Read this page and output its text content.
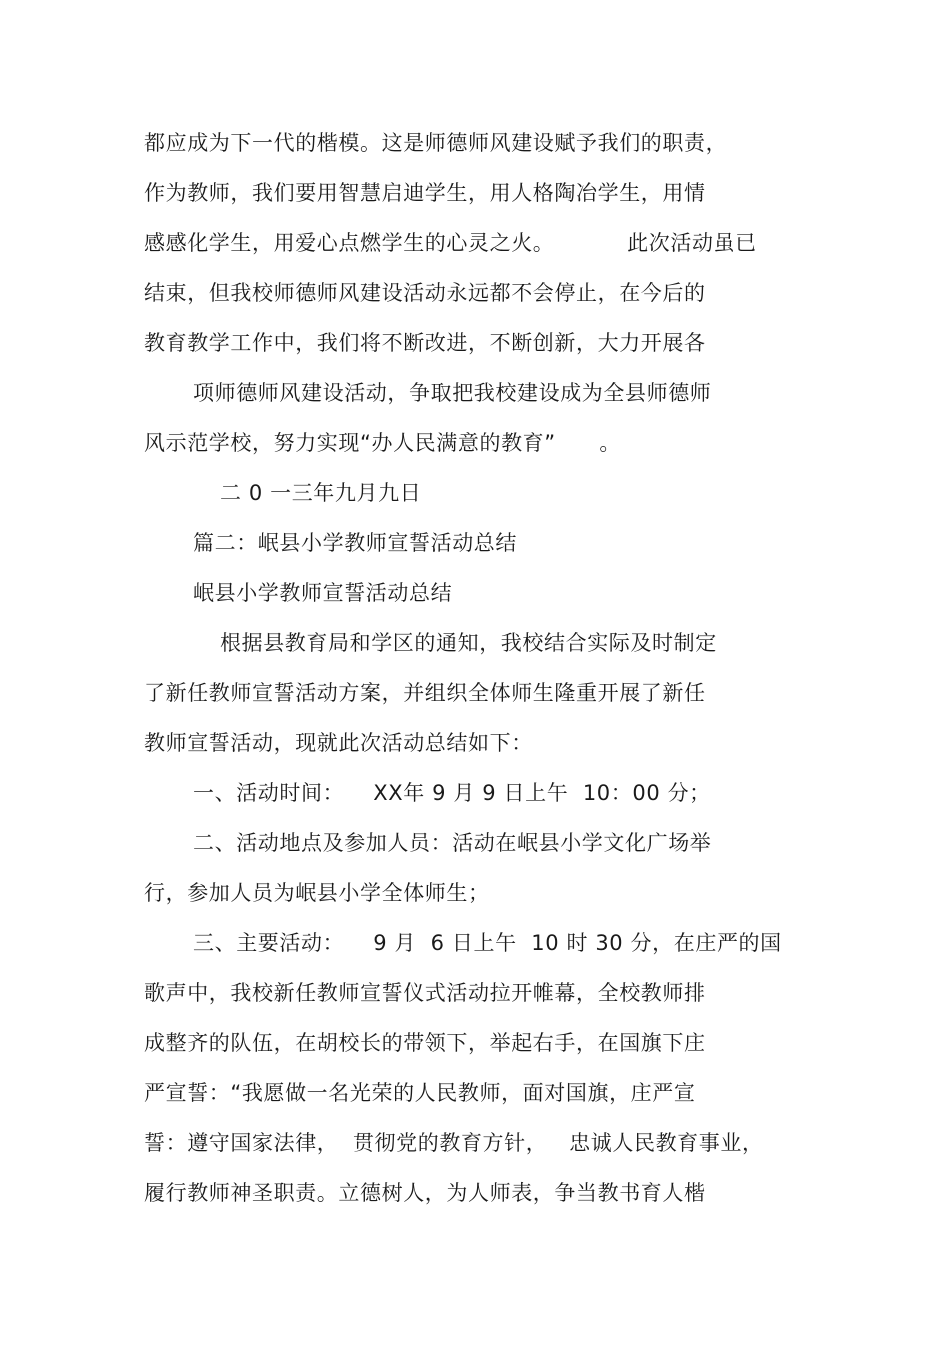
都应成为下一代的楷模。这是师德师风建设赋予我们的职责，
作为教师，我们要用智慧启迪学生，用人格陶冶学生，用情
感感化学生，用爱心点燃学生的心灵之火。          此次活动虽已
结束，但我校师德师风建设活动永远都不会停止，在今后的
教育教学工作中，我们将不断改进，不断创新，大力开展各
项师德师风建设活动，争取把我校建设成为全县师德师
风示范学校，努力实现“办人民满意的教育”      。
二 0 一三年九月九日
篇二：岷县小学教师宣誓活动总结
岷县小学教师宣誓活动总结
根据县教育局和学区的通知，我校结合实际及时制定
了新任教师宣誓活动方案，并组织全体师生隆重开展了新任
教师宣誓活动，现就此次活动总结如下：
一、活动时间：    XX年 9 月 9 日上午  10：00 分；
二、活动地点及参加人员：活动在岷县小学文化广场举
行，参加人员为岷县小学全体师生；
三、主要活动：    9 月  6 日上午  10 时 30 分，在庄严的国
歌声中，我校新任教师宣誓仪式活动拉开帷幕，全校教师排
成整齐的队伍，在胡校长的带领下，举起右手，在国旗下庄
严宣誓：“我愿做一名光荣的人民教师，面对国旗，庄严宣
誓：遵守国家法律，  贯彻党的教育方针，   忠诚人民教育事业，
履行教师神圣职责。立德树人，为人师表，争当教书育人楷
